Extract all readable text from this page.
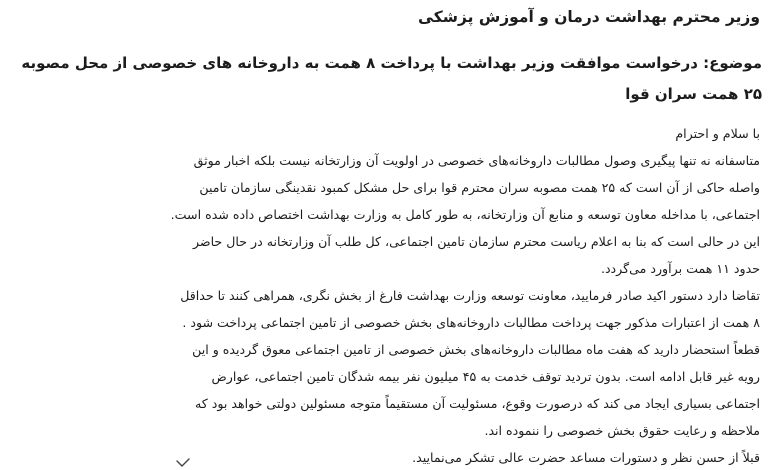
وزیر محترم بهداشت درمان و آموزش پزشکی
موضوع: درخواست موافقت وزیر بهداشت با پرداخت ۸ همت به داروخانه های خصوصی از محل مصوبه
۲۵ همت سران قوا
با سلام و احترام
متاسفانه نه تنها پیگیری وصول مطالبات داروخانه‌های خصوصی در اولویت آن وزارتخانه نیست بلکه اخبار موثق
واصله حاکی از آن است که ۲۵ همت مصوبه سران محترم قوا برای حل مشکل کمبود نقدینگی سازمان تامین
اجتماعی، با مداخله معاون توسعه و منابع آن وزارتخانه، به طور کامل به وزارت بهداشت اختصاص داده شده است.
این در حالی است که بنا به اعلام ریاست محترم سازمان تامین اجتماعی، کل طلب آن وزارتخانه در حال حاضر
حدود ۱۱ همت برآورد می‌گردد.
تقاضا دارد دستور اکید صادر فرمایید، معاونت توسعه وزارت بهداشت فارغ از بخش نگری، همراهی کنند تا حداقل
۸ همت از اعتبارات مذکور جهت پرداخت مطالبات داروخانه‌های بخش خصوصی از تامین اجتماعی پرداخت شود .
قطعاً استحضار دارید که هفت ماه مطالبات داروخانه‌های بخش خصوصی از تامین اجتماعی معوق گردیده و این
رویه غیر قابل ادامه است. بدون تردید توقف خدمت به ۴۵ میلیون نفر بیمه شدگان تامین اجتماعی، عوارض
اجتماعی بسیاری ایجاد می کند که درصورت وقوع، مسئولیت آن مستقیماً متوجه مسئولین دولتی خواهد بود که
ملاحظه و رعایت حقوق بخش خصوصی را ننموده اند.
قبلاً از حسن نظر و دستورات مساعد حضرت عالی تشکر می‌نمایید.
